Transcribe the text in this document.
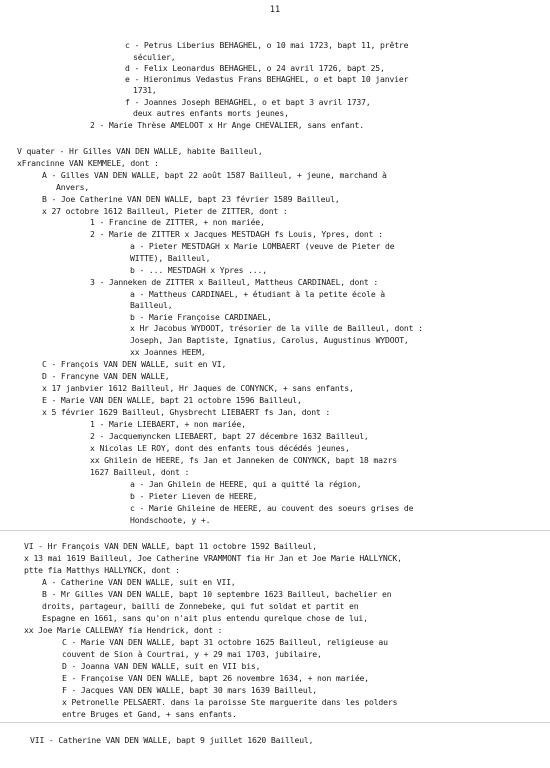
11
c - Petrus Liberius BEHAGHEL, o 10 mai 1723, bapt 11, prêtre
séculier,
d - Felix Leonardus BEHAGHEL, o 24 avril 1726, bapt 25,
e - Hieronimus Vedastus Frans BEHAGHEL, o et bapt 10 janvier
1731,
f - Joannes Joseph BEHAGHEL, o et bapt 3 avril 1737,
deux autres enfants morts jeunes,
2 - Marie Thrèse AMELOOT x Hr Ange CHEVALIER, sans enfant.
V quater - Hr Gilles VAN DEN WALLE, habite Bailleul,
xFrancinne VAN KEMMELE, dont :
A - Gilles VAN DEN WALLE, bapt 22 août 1587 Bailleul, + jeune, marchand à
Anvers,
B - Joe Catherine VAN DEN WALLE, bapt 23 février 1589 Bailleul,
x 27 octobre 1612 Bailleul, Pieter de ZITTER, dont :
1 - Francine de ZITTER, + non mariée,
2 - Marie de ZITTER x Jacques MESTDAGH fs Louis, Ypres, dont :
a - Pieter MESTDAGH x Marie LOMBAERT (veuve de Pieter de
WITTE), Bailleul,
b - ... MESTDAGH x Ypres ...,
3 - Janneken de ZITTER x Bailleul, Mattheus CARDINAEL, dont :
a - Mattheus CARDINAEL, + étudiant à la petite école à
Bailleul,
b - Marie Françoise CARDINAEL,
x Hr Jacobus WYDOOT, trésorier de la ville de Bailleul, dont :
Joseph, Jan Baptiste, Ignatius, Carolus, Augustinus WYDOOT,
xx Joannes HEEM,
C - François VAN DEN WALLE, suit en VI,
D - Francyne VAN DEN WALLE,
x 17 janbvier 1612 Bailleul, Hr Jaques de CONYNCK, + sans enfants,
E - Marie VAN DEN WALLE, bapt 21 octobre 1596 Bailleul,
x 5 février 1629 Bailleul, Ghysbrecht LIEBAERT fs Jan, dont :
1 - Marie LIEBAERT, + non mariée,
2 - Jacquemyncken LIEBAERT, bapt 27 décembre 1632 Bailleul,
x Nicolas LE ROY, dont des enfants tous décédés jeunes,
xx Ghilein de HEERE, fs Jan et Janneken de CONYNCK, bapt 18 mazrs
1627 Bailleul, dont :
a - Jan Ghilein de HEERE, qui a quitté la région,
b - Pieter Lieven de HEERE,
c - Marie Ghileine de HEERE, au couvent des soeurs grises de
Hondschoote, y +.
VI - Hr François VAN DEN WALLE, bapt 11 octobre 1592 Bailleul,
x 13 mai 1619 Bailleul, Joe Catherine VRAMMONT fia Hr Jan et Joe Marie HALLYNCK,
ptte fia Matthys HALLYNCK, dont :
A - Catherine VAN DEN WALLE, suit en VII,
B - Mr Gilles VAN DEN WALLE, bapt 10 septembre 1623 Bailleul, bachelier en
droits, partageur, bailli de Zonnebeke, qui fut soldat et partit en
Espagne en 1661, sans qu'on n'ait plus entendu qurelque chose de lui,
xx Joe Marie CALLEWAY fia Hendrick, dont :
C - Marie VAN DEN WALLE, bapt 31 octobre 1625 Bailleul, religieuse au
couvent de Sion à Courtrai, y + 29 mai 1703, jubilaire,
D - Joanna VAN DEN WALLE, suit en VII bis,
E - Françoise VAN DEN WALLE, bapt 26 novembre 1634, + non mariée,
F - Jacques VAN DEN WALLE, bapt 30 mars 1639 Bailleul,
x Petronelle PELSAERT. dans la paroisse Ste marguerite dans les polders
entre Bruges et Gand, + sans enfants.
VII - Catherine VAN DEN WALLE, bapt 9 juillet 1620 Bailleul,
